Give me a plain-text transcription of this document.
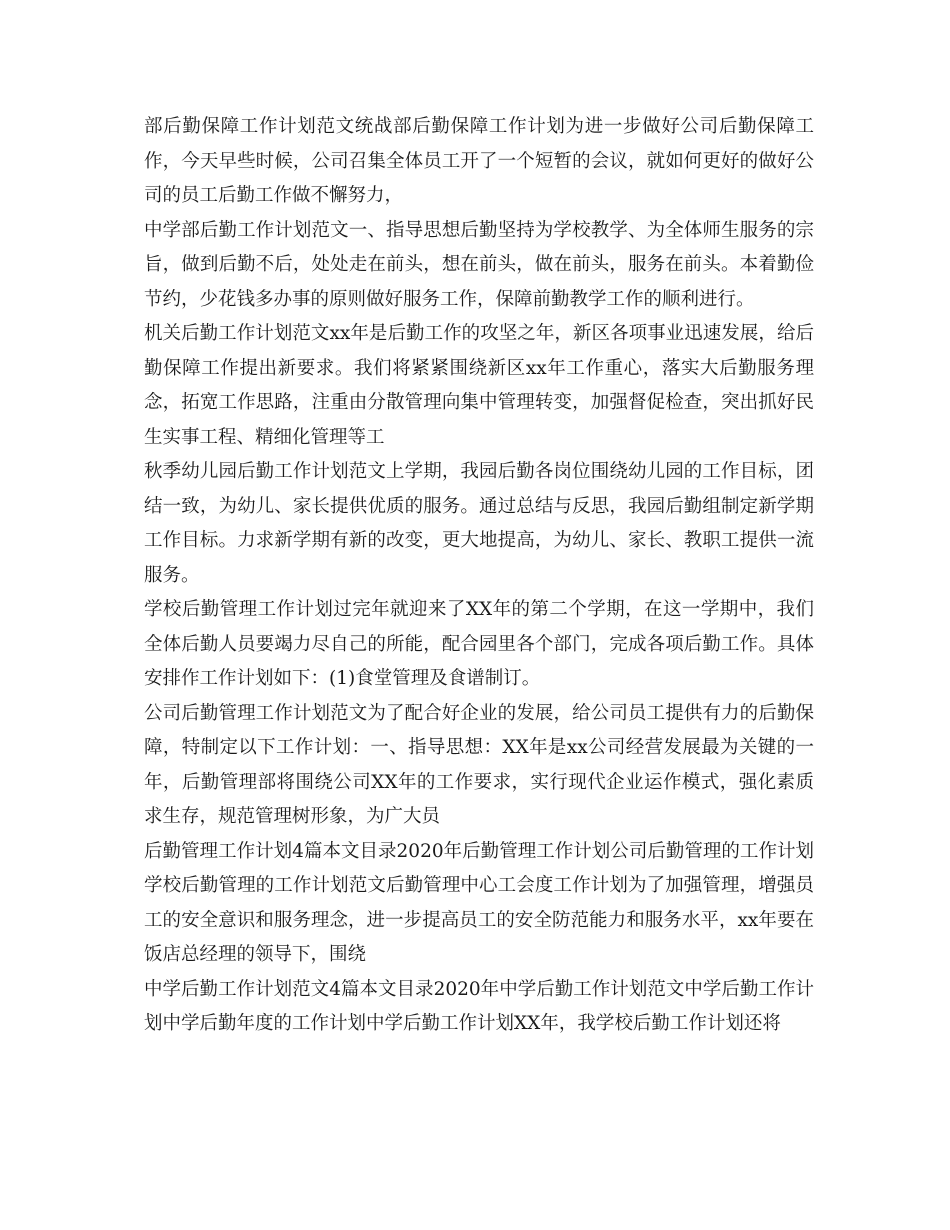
部后勤保障工作计划范文统战部后勤保障工作计划为进一步做好公司后勤保障工作，今天早些时候，公司召集全体员工开了一个短暂的会议，就如何更好的做好公司的员工后勤工作做不懈努力，

中学部后勤工作计划范文一、指导思想后勤坚持为学校教学、为全体师生服务的宗旨，做到后勤不后，处处走在前头，想在前头，做在前头，服务在前头。本着勤俭节约，少花钱多办事的原则做好服务工作，保障前勤教学工作的顺利进行。

机关后勤工作计划范文xx年是后勤工作的攻坚之年，新区各项事业迅速发展，给后勤保障工作提出新要求。我们将紧紧围绕新区xx年工作重心，落实大后勤服务理念，拓宽工作思路，注重由分散管理向集中管理转变，加强督促检查，突出抓好民生实事工程、精细化管理等工

秋季幼儿园后勤工作计划范文上学期，我园后勤各岗位围绕幼儿园的工作目标，团结一致，为幼儿、家长提供优质的服务。通过总结与反思，我园后勤组制定新学期工作目标。力求新学期有新的改变，更大地提高，为幼儿、家长、教职工提供一流服务。

学校后勤管理工作计划过完年就迎来了XX年的第二个学期，在这一学期中，我们全体后勤人员要竭力尽自己的所能，配合园里各个部门，完成各项后勤工作。具体安排作工作计划如下：(1)食堂管理及食谱制订。

公司后勤管理工作计划范文为了配合好企业的发展，给公司员工提供有力的后勤保障，特制定以下工作计划：一、指导思想：XX年是xx公司经营发展最为关键的一年，后勤管理部将围绕公司XX年的工作要求，实行现代企业运作模式，强化素质求生存，规范管理树形象，为广大员

后勤管理工作计划4篇本文目录2020年后勤管理工作计划公司后勤管理的工作计划学校后勤管理的工作计划范文后勤管理中心工会度工作计划为了加强管理，增强员工的安全意识和服务理念，进一步提高员工的安全防范能力和服务水平，xx年要在饭店总经理的领导下，围绕

中学后勤工作计划范文4篇本文目录2020年中学后勤工作计划范文中学后勤工作计划中学后勤年度的工作计划中学后勤工作计划XX年，我学校后勤工作计划还将
